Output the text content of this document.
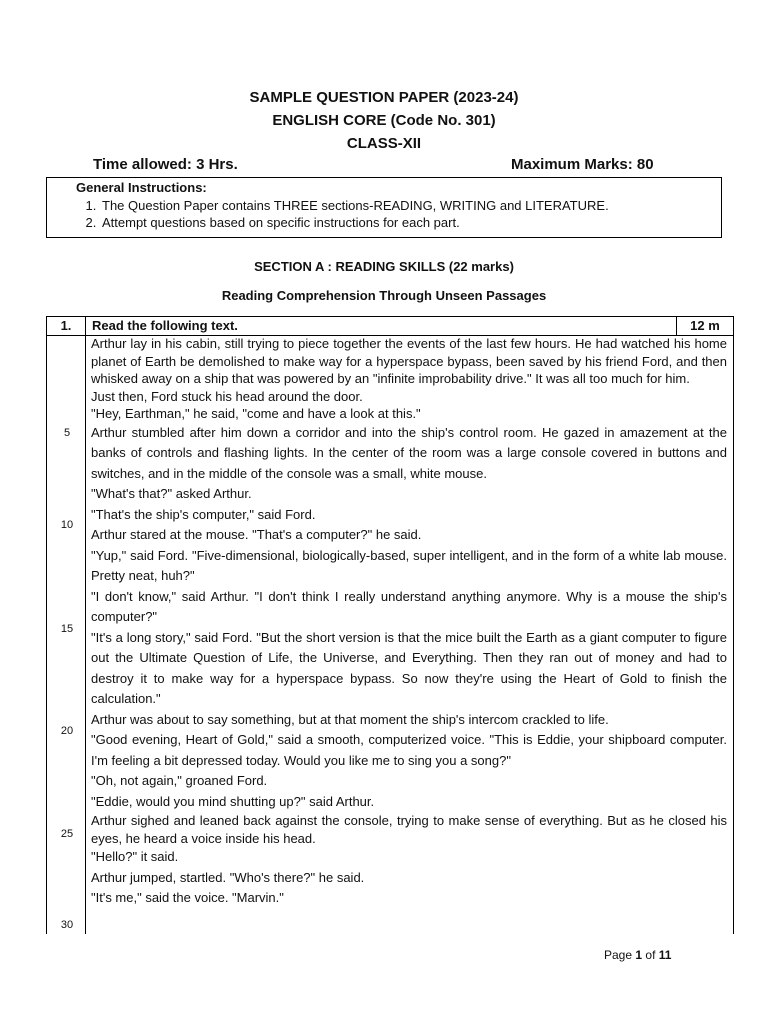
SAMPLE QUESTION PAPER (2023-24)
ENGLISH CORE (Code No. 301)
CLASS-XII
Time allowed: 3 Hrs.	Maximum Marks: 80
General Instructions:
1. The Question Paper contains THREE sections-READING, WRITING and LITERATURE.
2. Attempt questions based on specific instructions for each part.
SECTION A : READING SKILLS (22 marks)
Reading Comprehension Through Unseen Passages
1.	Read the following text.	12 m
5
10
15
20
25
30
Arthur lay in his cabin, still trying to piece together the events of the last few hours. He had watched his home planet of Earth be demolished to make way for a hyperspace bypass, been saved by his friend Ford, and then whisked away on a ship that was powered by an "infinite improbability drive." It was all too much for him.
Just then, Ford stuck his head around the door.
"Hey, Earthman," he said, "come and have a look at this."
Arthur stumbled after him down a corridor and into the ship's control room. He gazed in amazement at the banks of controls and flashing lights. In the center of the room was a large console covered in buttons and switches, and in the middle of the console was a small, white mouse.
"What's that?" asked Arthur.
"That's the ship's computer," said Ford.
Arthur stared at the mouse. "That's a computer?" he said.
"Yup," said Ford. "Five-dimensional, biologically-based, super intelligent, and in the form of a white lab mouse. Pretty neat, huh?"
"I don't know," said Arthur. "I don't think I really understand anything anymore. Why is a mouse the ship's computer?"
"It's a long story," said Ford. "But the short version is that the mice built the Earth as a giant computer to figure out the Ultimate Question of Life, the Universe, and Everything. Then they ran out of money and had to destroy it to make way for a hyperspace bypass. So now they're using the Heart of Gold to finish the calculation."
Arthur was about to say something, but at that moment the ship's intercom crackled to life.
"Good evening, Heart of Gold," said a smooth, computerized voice. "This is Eddie, your shipboard computer. I'm feeling a bit depressed today. Would you like me to sing you a song?"
"Oh, not again," groaned Ford.
"Eddie, would you mind shutting up?" said Arthur.
Arthur sighed and leaned back against the console, trying to make sense of everything. But as he closed his eyes, he heard a voice inside his head.
"Hello?" it said.
Arthur jumped, startled. "Who's there?" he said.
"It's me," said the voice. "Marvin."
Page 1 of 11
